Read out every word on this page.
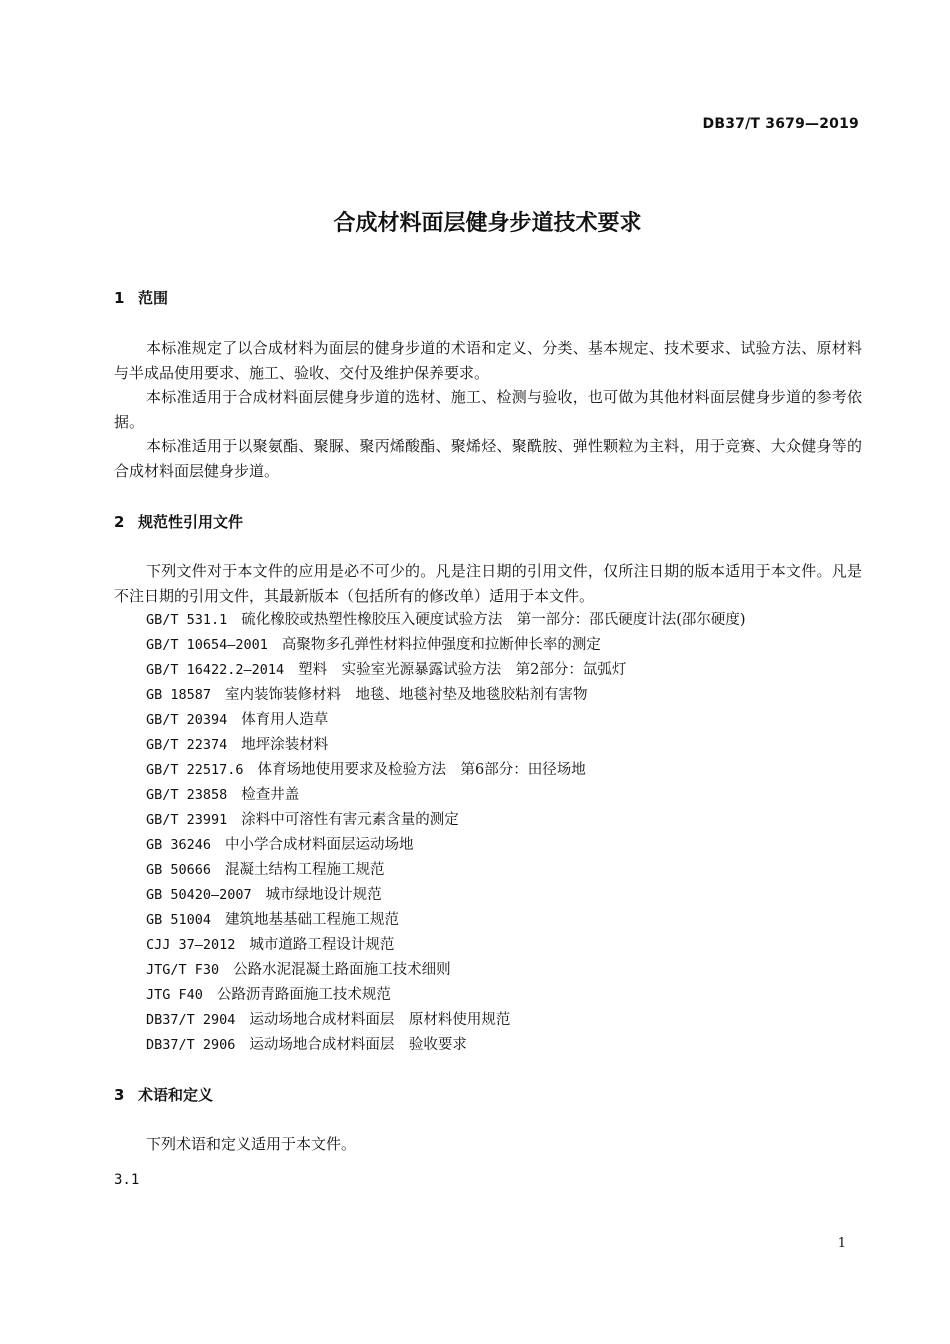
DB37/T 3679—2019
合成材料面层健身步道技术要求
1 范围

本标准规定了以合成材料为面层的健身步道的术语和定义、分类、基本规定、技术要求、试验方法、原材料与半成品使用要求、施工、验收、交付及维护保养要求。

本标准适用于合成材料面层健身步道的选材、施工、检测与验收，也可做为其他材料面层健身步道的参考依据。

本标准适用于以聚氨酯、聚脲、聚丙烯酸酯、聚烯烃、聚酰胺、弹性颗粒为主料，用于竞赛、大众健身等的合成材料面层健身步道。

2 规范性引用文件

下列文件对于本文件的应用是必不可少的。凡是注日期的引用文件，仅所注日期的版本适用于本文件。凡是不注日期的引用文件，其最新版本（包括所有的修改单）适用于本文件。

GB/T 531.1 硫化橡胶或热塑性橡胶压入硬度试验方法　第一部分：邵氏硬度计法(邵尔硬度)
GB/T 10654—2001 高聚物多孔弹性材料拉伸强度和拉断伸长率的测定
GB/T 16422.2—2014 塑料　实验室光源暴露试验方法　第2部分：氙弧灯
GB 18587 室内装饰装修材料　地毯、地毯衬垫及地毯胶粘剂有害物
GB/T 20394 体育用人造草
GB/T 22374 地坪涂装材料
GB/T 22517.6 体育场地使用要求及检验方法　第6部分：田径场地
GB/T 23858 检查井盖
GB/T 23991 涂料中可溶性有害元素含量的测定
GB 36246 中小学合成材料面层运动场地
GB 50666 混凝土结构工程施工规范
GB 50420—2007 城市绿地设计规范
GB 51004 建筑地基基础工程施工规范
CJJ 37—2012 城市道路工程设计规范
JTG/T F30 公路水泥混凝土路面施工技术细则
JTG F40 公路沥青路面施工技术规范
DB37/T 2904 运动场地合成材料面层　原材料使用规范
DB37/T 2906 运动场地合成材料面层　验收要求
3 术语和定义
下列术语和定义适用于本文件。
3.1
1
